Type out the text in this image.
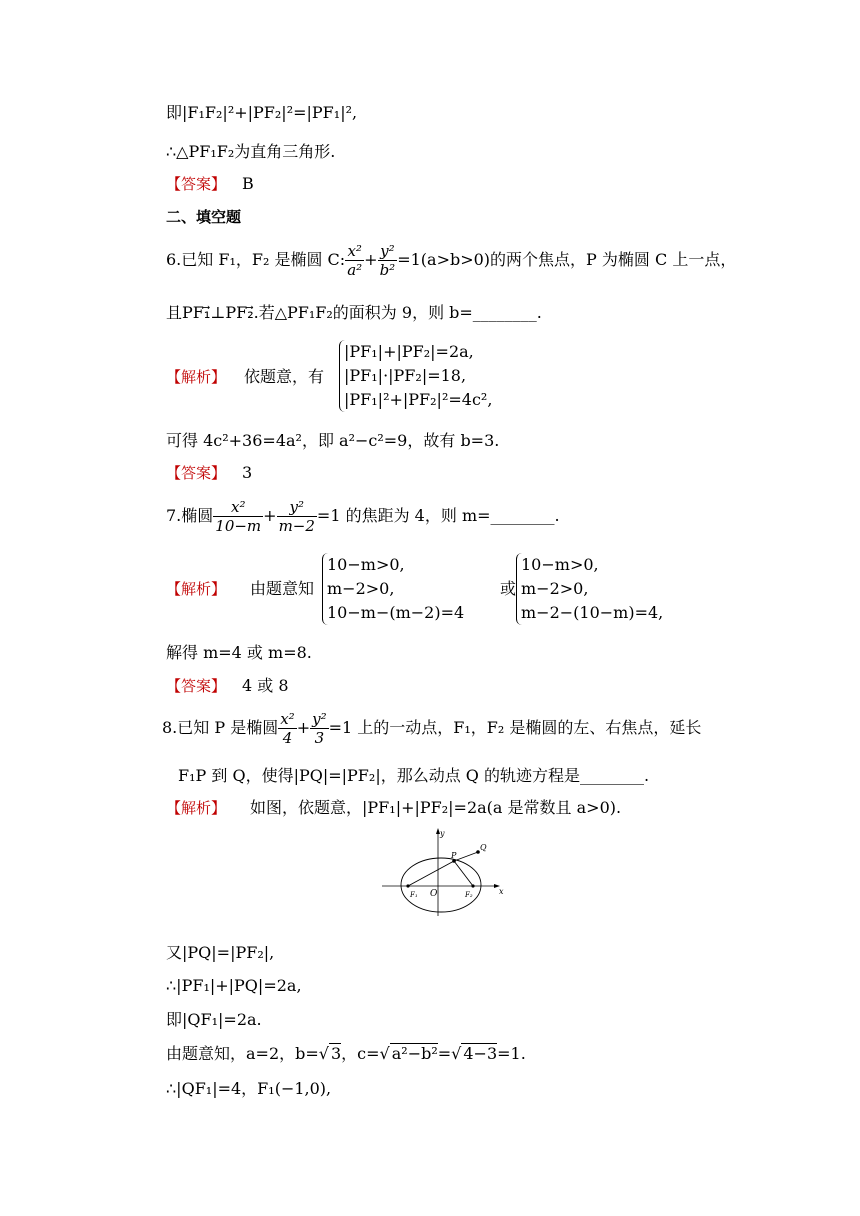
即|F₁F₂|²+|PF₂|²=|PF₁|²,
∴△PF₁F₂为直角三角形.
【答案】 B
二、填空题
6.已知 F₁，F₂ 是椭圆 C: $\frac{\text{x²}}{\text{a²}} + \frac{\text{y²}}{\text{b²}} =1(a>b>0)$的两个焦点，P 为椭圆 C 上一点，
且PF₁⃗⊥PF₂⃗.若△PF₁F₂的面积为 9，则 b=________.
【解析】 依题意，有
|PF₁|+|PF₂|=2a,
|PF₁|·|PF₂|=18,
|PF₁|²+|PF₂|²=4c²,
可得 4c²+36=4a²，即 a²−c²=9，故有 b=3.
【答案】 3
7.椭圆 $\frac{\text{x²}}{10-m} + \frac{\text{y²}}{m-2} =1$ 的焦距为 4，则 m=________.
【解析】 由题意知
10−m>0,
m−2>0,
10−m−(m−2)=4
或
10−m>0,
m−2>0,
m−2−(10−m)=4,
解得 m=4 或 m=8.
【答案】 4 或 8
8.已知 P 是椭圆 $\frac{\text{x²}}{4} + \frac{\text{y²}}{3} =1$ 上的一动点，F₁，F₂ 是椭圆的左、右焦点，延长
F₁P 到 Q，使得|PQ|=|PF₂|，那么动点 Q 的轨迹方程是________.
【解析】 如图，依题意，|PF₁|+|PF₂|=2a(a 是常数且 a>0).
y
x
O
P
Q
F₁	F₂
又|PQ|=|PF₂|,
∴|PF₁|+|PQ|=2a,
即|QF₁|=2a.
由题意知，a=2，b=√ 3，c=√ a²−b²=√ 4−3=1.
∴|QF₁|=4，F₁(−1,0),
